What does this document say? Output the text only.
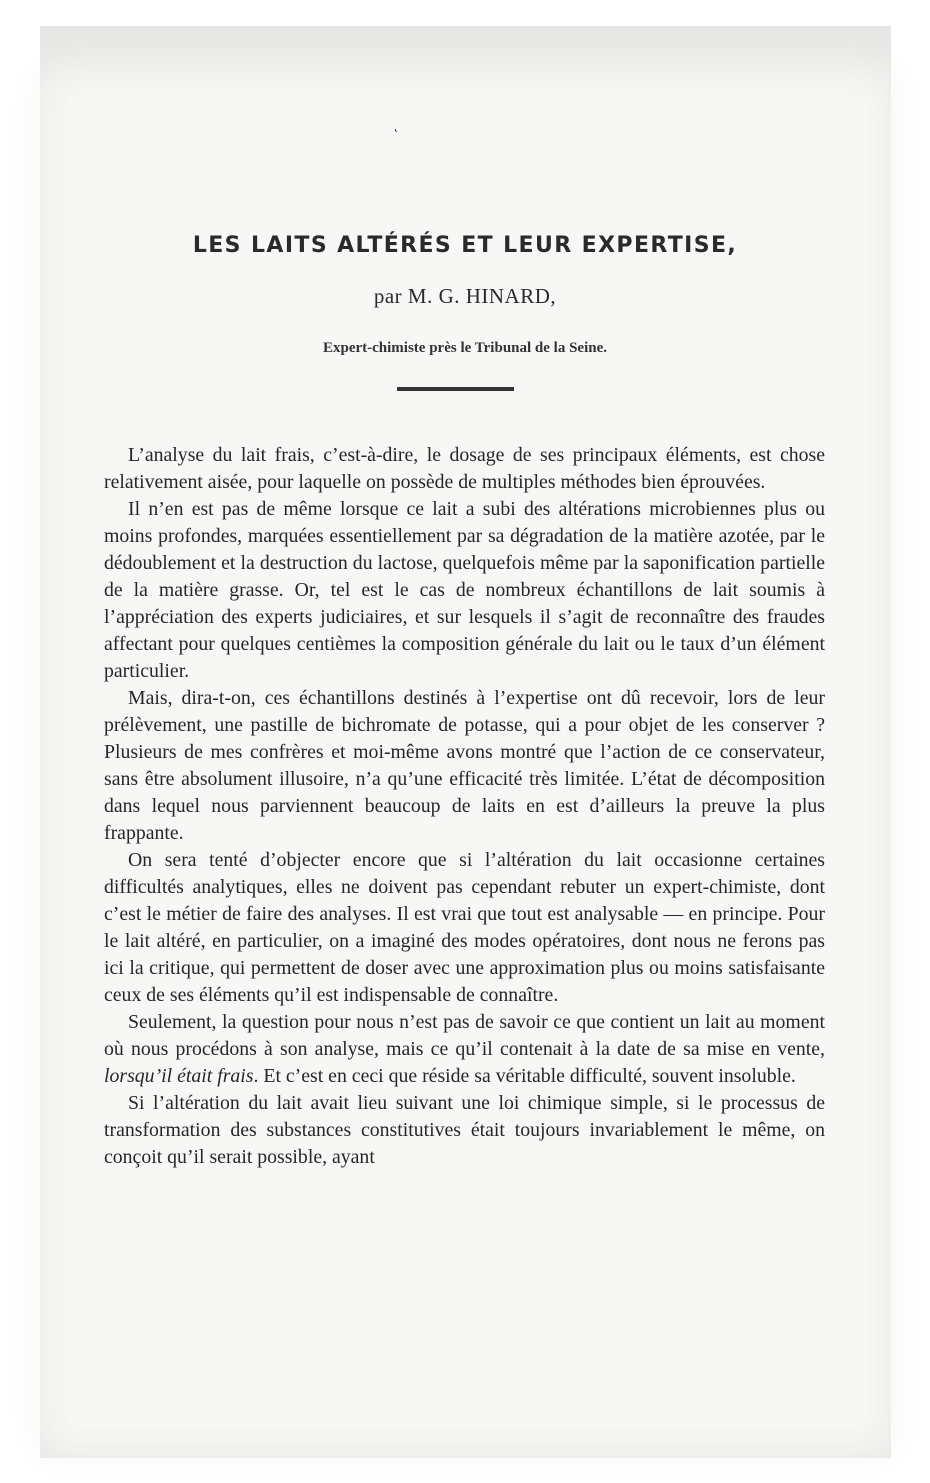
˛
LES LAITS ALTÉRÉS ET LEUR EXPERTISE,
par M. G. HINARD,
Expert-chimiste près le Tribunal de la Seine.

L’analyse du lait frais, c’est-à-dire, le dosage de ses principaux éléments, est chose relativement aisée, pour laquelle on possède de multiples méthodes bien éprouvées.

Il n’en est pas de même lorsque ce lait a subi des altérations microbiennes plus ou moins profondes, marquées essentiellement par sa dégradation de la matière azotée, par le dédoublement et la destruction du lactose, quelquefois même par la saponification partielle de la matière grasse. Or, tel est le cas de nombreux échantillons de lait soumis à l’appréciation des experts judiciaires, et sur lesquels il s’agit de reconnaître des fraudes affectant pour quelques centièmes la composition générale du lait ou le taux d’un élément particulier.

Mais, dira-t-on, ces échantillons destinés à l’expertise ont dû recevoir, lors de leur prélèvement, une pastille de bichromate de potasse, qui a pour objet de les conserver ? Plusieurs de mes confrères et moi-même avons montré que l’action de ce conservateur, sans être absolument illusoire, n’a qu’une efficacité très limitée. L’état de décomposition dans lequel nous parviennent beaucoup de laits en est d’ailleurs la preuve la plus frappante.

On sera tenté d’objecter encore que si l’altération du lait occasionne certaines difficultés analytiques, elles ne doivent pas cependant rebuter un expert-chimiste, dont c’est le métier de faire des analyses. Il est vrai que tout est analysable — en principe. Pour le lait altéré, en particulier, on a imaginé des modes opératoires, dont nous ne ferons pas ici la critique, qui permettent de doser avec une approximation plus ou moins satisfaisante ceux de ses éléments qu’il est indispensable de connaître.

Seulement, la question pour nous n’est pas de savoir ce que contient un lait au moment où nous procédons à son analyse, mais ce qu’il contenait à la date de sa mise en vente, lorsqu’il était frais. Et c’est en ceci que réside sa véritable difficulté, souvent insoluble.

Si l’altération du lait avait lieu suivant une loi chimique simple, si le processus de transformation des substances constitutives était toujours invariablement le même, on conçoit qu’il serait possible, ayant
